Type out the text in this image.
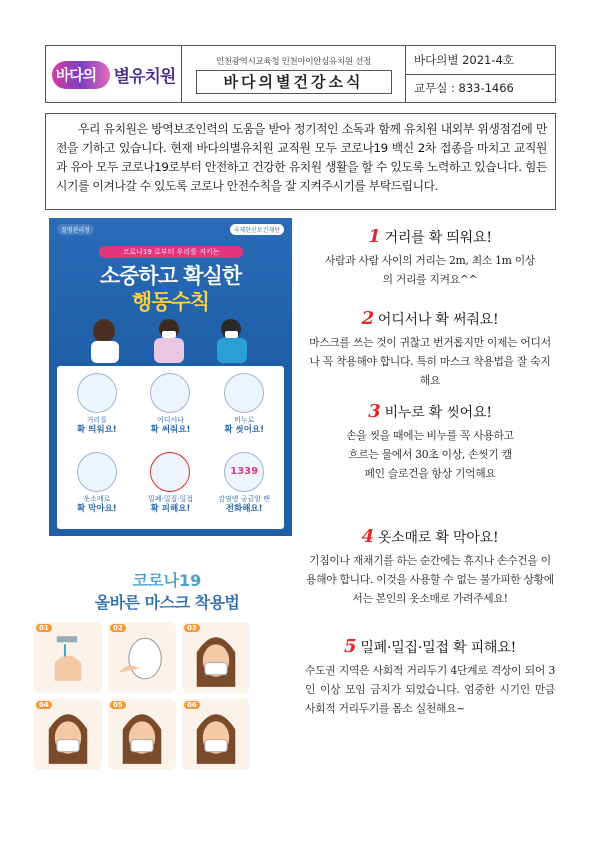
바다의 별유치원
인천광역시교육청 인천아이안심유치원 선정
바다의별건강소식
바다의별 2021-4호
교무실 : 833-1466

우리 유치원은 방역보조인력의 도움을 받아 정기적인 소독과 함께 유치원 내외부 위생점검에 만전을 기하고 있습니다. 현재 바다의별유치원 교직원 모두 코로나19 백신 2차 접종을 마치고 교직원과 유아 모두 코로나19로부터 안전하고 건강한 유치원 생활을 할 수 있도록 노력하고 있습니다. 힘든 시기를 이겨나갈 수 있도록 코로나 안전수칙을 잘 지켜주시기를 부탁드립니다.

질병관리청	국제한인보건재단
코로나19 로부터 우리를 지키는
소중하고 확실한
행동수칙
거리를
확 띄워요!
어디서나
확 써줘요!
비누로
확 씻어요!
옷소매로
확 막아요!
밀폐·밀집·밀접
확 피해요!
1339
감염병 궁금할 땐
전화해요!
코로나19
올바른 마스크 착용법
01	02	03
04	05	06
1 거리를 확 띄워요!

사람과 사람 사이의 거리는 2m, 최소 1m 이상의 거리를 지켜요^^

2 어디서나 확 써줘요!

마스크를 쓰는 것이 귀찮고 번거롭지만 이제는 어디서나 꼭 착용해야 합니다. 특히 마스크 착용법을 잘 숙지해요

3 비누로 확 씻어요!

손을 씻을 때에는 비누를 꼭 사용하고 흐르는 물에서 30초 이상, 손씻기 캠페인 슬로건을 항상 기억해요

4 옷소매로 확 막아요!

기침이나 재채기를 하는 순간에는 휴지나 손수건을 이용해야 합니다. 이것을 사용할 수 없는 불가피한 상황에서는 본인의 옷소매로 가려주세요!

5 밀폐·밀집·밀접 확 피해요!

수도권 지역은 사회적 거리두기 4단계로 격상이 되어 3인 이상 모임 금지가 되었습니다. 엄중한 시기인 만큼 사회적 거리두기를 몸소 실천해요~
